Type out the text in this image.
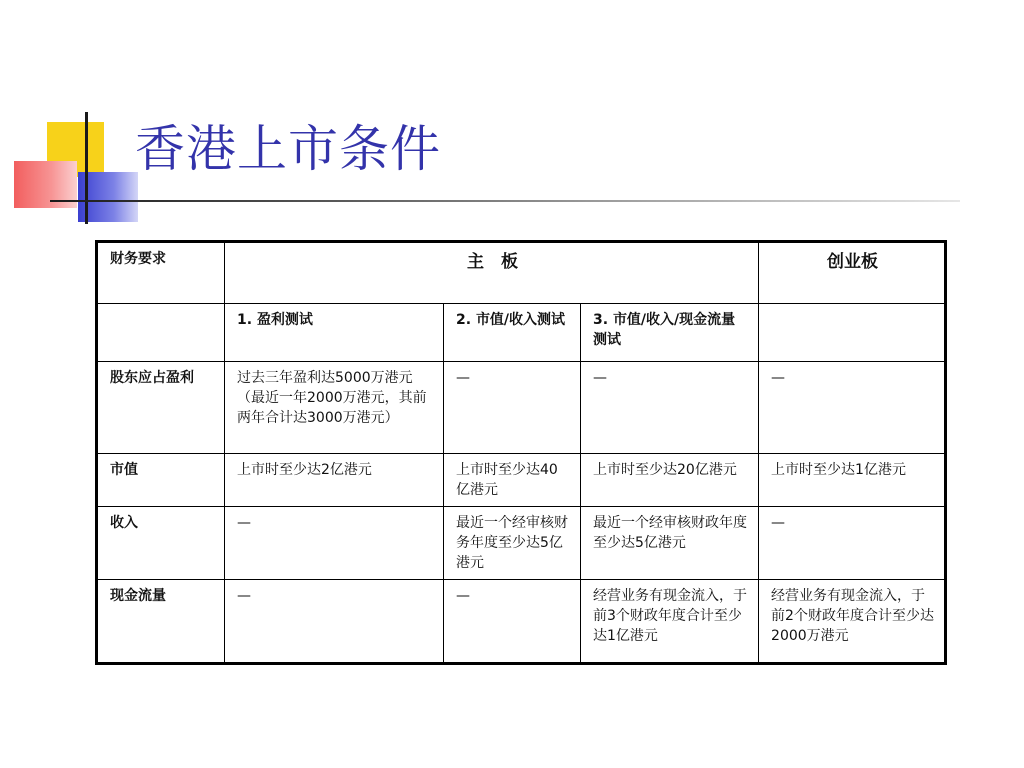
香港上市条件
财务要求	主　板			创业板
	1. 盈利测试	2. 市值/收入测试	3. 市值/收入/现金流量测试	
股东应占盈利	过去三年盈利达5000万港元（最近一年2000万港元，其前两年合计达3000万港元）	—	—	—
市值	上市时至少达2亿港元	上市时至少达40亿港元	上市时至少达20亿港元	上市时至少达1亿港元
收入	—	最近一个经审核财务年度至少达5亿港元	最近一个经审核财政年度至少达5亿港元	—
现金流量	—	—	经营业务有现金流入，于前3个财政年度合计至少达1亿港元	经营业务有现金流入，于前2个财政年度合计至少达2000万港元
